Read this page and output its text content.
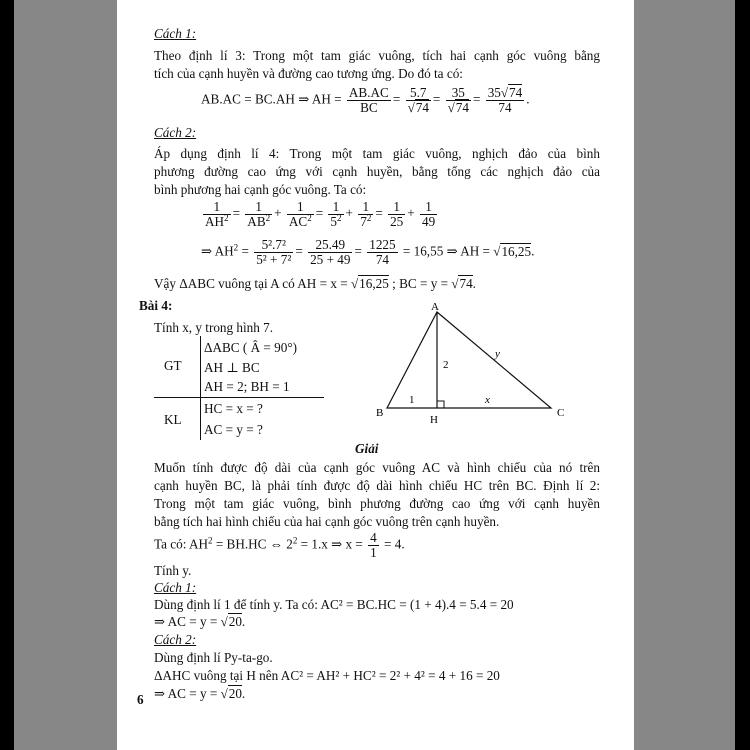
Cách 1:
Theo định lí 3: Trong một tam giác vuông, tích hai cạnh góc vuông bằng
tích của cạnh huyền và đường cao tương ứng. Do đó ta có:
AB.AC = BC.AH ⇒ AH = $\frac{AB.AC}{BC} = \frac{5.7}{√74} = \frac{35}{√74} = \frac{35√74}{74}$ .
Cách 2:
Áp dụng định lí 4: Trong một tam giác vuông, nghịch đảo của bình
phương đường cao ứng với cạnh huyền, bằng tổng các nghịch đảo của
bình phương hai cạnh góc vuông. Ta có:
$\frac{1}{AH^2} = \frac{1}{AB^2} + \frac{1}{AC^2} = \frac{1}{5^2} + \frac{1}{7^2} = \frac{1}{25} + \frac{1}{49}$
⇒ $AH^2 = \frac{\text{5².7²}}{\text{5² + 7²}} = \frac{25.49}{25 + 49} = \frac{1225}{74} = 16,55$ ⇒ AH = √16,25.
Vậy ΔABC vuông tại A có AH = x = √16,25 ; BC = y = √74.
Bài 4:
Tính x, y trong hình 7.
GT
KL
ΔABC ( Â = 90°)
AH ⊥ BC
AH = 2; BH = 1
HC = x = ?
AC = y = ?
A
B	C
H
2
1	x
y
Giải
Muốn tính được độ dài của cạnh góc vuông AC và hình chiếu của nó trên
cạnh huyền BC, là phải tính được độ dài hình chiếu HC trên BC. Định lí 2:
Trong một tam giác vuông, bình phương đường cao ứng với cạnh huyền
bằng tích hai hình chiếu của hai cạnh góc vuông trên cạnh huyền.
Ta có: $AH^2 = BH.HC$ ⇔ $2^2 = 1.x$ ⇒ $x = \frac{4}{1} = 4$.
Tính y.
Cách 1:
Dùng định lí 1 để tính y. Ta có: AC² = BC.HC = (1 + 4).4 = 5.4 = 20
⇒ AC = y = √20.
Cách 2:
Dùng định lí Py-ta-go.
ΔAHC vuông tại H nên AC² = AH² + HC² = 2² + 4² = 4 + 16 = 20
⇒ AC = y = √20.
6
